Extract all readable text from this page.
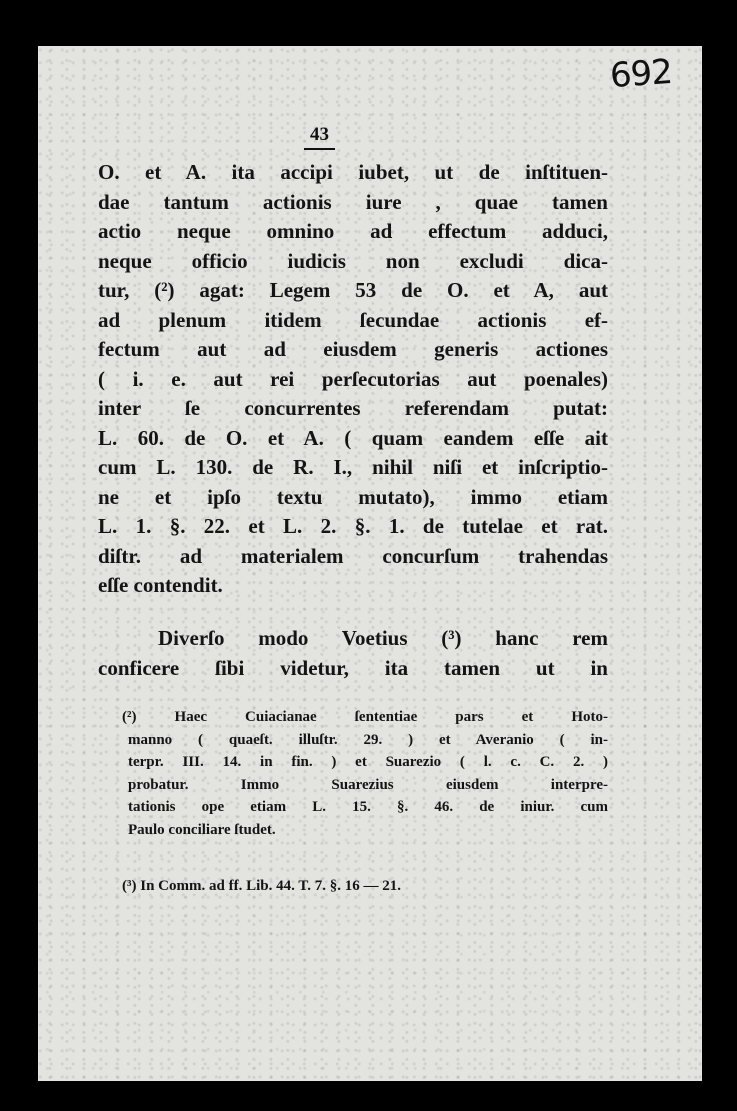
692
43
O. et A. ita accipi iubet, ut de inſtituen-
dae tantum actionis iure , quae tamen
actio neque omnino ad effectum adduci,
neque officio iudicis non excludi dica-
tur, (²) agat: Legem 53 de O. et A, aut
ad plenum itidem ſecundae actionis ef-
fectum aut ad eiusdem generis actiones
( i. e. aut rei perſecutorias aut poenales)
inter ſe concurrentes referendam putat:
L. 60. de O. et A. ( quam eandem eſſe ait
cum L. 130. de R. I., nihil niſi et inſcriptio-
ne et ipſo textu mutato), immo etiam
L. 1. §. 22. et L. 2. §. 1. de tutelae et rat.
diſtr. ad materialem concurſum trahendas
eſſe contendit.
Diverſo modo Voetius (³) hanc rem
conficere ſibi videtur, ita tamen ut in
(²) Haec Cuiacianae ſententiae pars et Hoto-
manno ( quaeſt. illuſtr. 29. ) et Averanio ( in-
terpr. III. 14. in fin. ) et Suarezio ( l. c. C. 2. )
probatur. Immo Suarezius eiusdem interpre-
tationis ope etiam L. 15. §. 46. de iniur. cum
Paulo conciliare ſtudet.
(³) In Comm. ad ff. Lib. 44. T. 7. §. 16 — 21.
